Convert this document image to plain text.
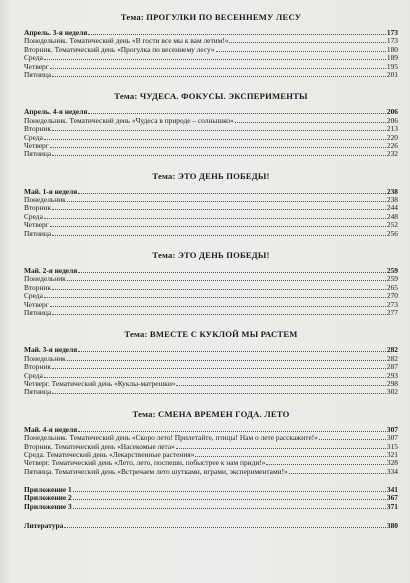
Тема: ПРОГУЛКИ ПО ВЕСЕННЕМУ ЛЕСУ
Апрель. 3-я неделя	173
Понедельник. Тематический день «В гости все мы к вам летим!»	173
Вторник. Тематический день «Прогулка по весеннему лесу»	180
Среда	189
Четверг	195
Пятница	201
Тема: ЧУДЕСА. ФОКУСЫ. ЭКСПЕРИМЕНТЫ
Апрель. 4-я неделя	206
Понедельник. Тематический день «Чудеса в природе – солнышко»	206
Вторник	213
Среда	220
Четверг	226
Пятница	232
Тема: ЭТО ДЕНЬ ПОБЕДЫ!
Май. 1-я неделя	238
Понедельник	238
Вторник	244
Среда	248
Четверг	252
Пятница	256
Тема: ЭТО ДЕНЬ ПОБЕДЫ!
Май. 2-я неделя	259
Понедельник	259
Вторник	265
Среда	270
Четверг	273
Пятница	277
Тема: ВМЕСТЕ С КУКЛОЙ МЫ РАСТЕМ
Май. 3-я неделя	282
Понедельник	282
Вторник	287
Среда	293
Четверг. Тематический день «Куклы-матрешки»	298
Пятница	302
Тема: СМЕНА ВРЕМЕН ГОДА. ЛЕТО
Май. 4-я неделя	307
Понедельник. Тематический день «Скоро лето! Прилетайте, птицы! Нам о лете расскажите!»	307
Вторник. Тематический день «Насекомые лета»	315
Среда. Тематический день «Лекарственные растения»	321
Четверг. Тематический день «Лето, лето, поспеши, побыстрее к нам приди!»	328
Пятница. Тематический день «Встречаем лето шутками, играми, экспериментами!»	334
Приложение 1	341
Приложение 2	367
Приложение 3	371
Литература	380
